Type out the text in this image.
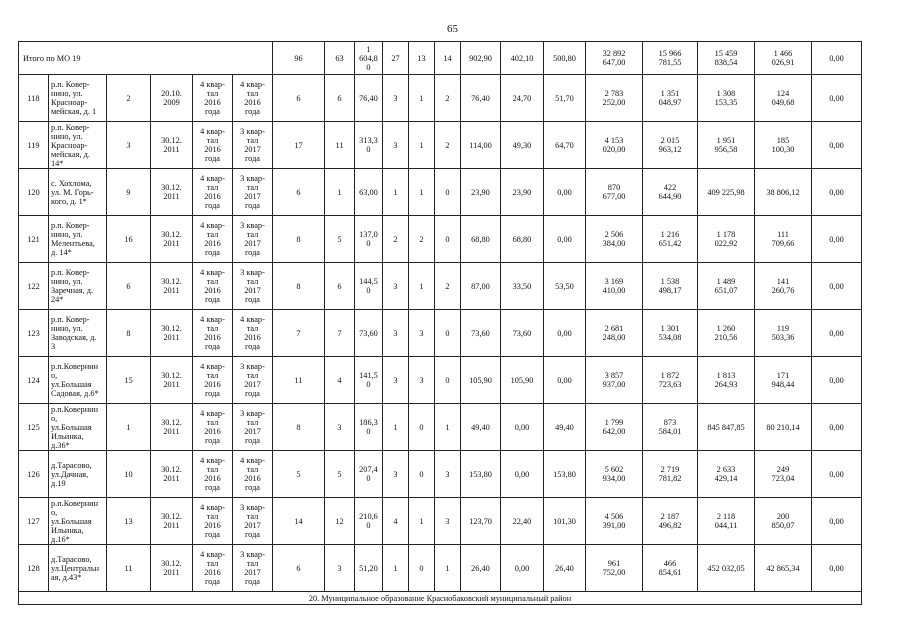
65
Итого по МО 19						96	63	1
604,8
0	27	13	14	902,90	402,10	500,80	32 892
647,00	15 966
781,55	15 459
838,54	1 466
026,91	0,00
118	р.п. Ковер-
нино, ул.
Краснoар-
мейская, д. 1	2	20.10.
2009	4 квар-
тал
2016
года	4 квар-
тал
2016
года	6	6	76,40	3	1	2	76,40	24,70	51,70	2 783
252,00	1 351
048,97	1 308
153,35	124
049,68	0,00
119	р.п. Ковер-
нино, ул.
Краснoар-
мейская, д.
14*	3	30.12.
2011	4 квар-
тал
2016
года	3 квар-
тал
2017
года	17	11	313,3
0	3	1	2	114,00	49,30	64,70	4 153
020,00	2 015
963,12	1 951
956,58	185
100,30	0,00
120	с. Хохлома,
ул. М. Горь-
кого, д. 1*	9	30.12.
2011	4 квар-
тал
2016
года	3 квар-
тал
2017
года	6	1	63,00	1	1	0	23,90	23,90	0,00	870
677,00	422
644,90	409 225,98	38 806,12	0,00
121	р.п. Ковер-
нино, ул.
Мелентьева,
д. 14*	16	30.12.
2011	4 квар-
тал
2016
года	3 квар-
тал
2017
года	8	5	137,0
0	2	2	0	68,80	68,80	0,00	2 506
384,00	1 216
651,42	1 178
022,92	111
709,66	0,00
122	р.п. Ковер-
нино, ул.
Заречная, д.
24*	6	30.12.
2011	4 квар-
тал
2016
года	3 квар-
тал
2017
года	8	6	144,5
0	3	1	2	87,00	33,50	53,50	3 169
410,00	1 538
498,17	1 489
651,07	141
260,76	0,00
123	р.п. Ковер-
нино, ул.
Заводская, д.
3	8	30.12.
2011	4 квар-
тал
2016
года	4 квар-
тал
2016
года	7	7	73,60	3	3	0	73,60	73,60	0,00	2 681
248,00	1 301
534,08	1 260
210,56	119
503,36	0,00
124	р.п.Ковернин
о,
ул.Большая
Садовая, д.6*	15	30.12.
2011	4 квар-
тал
2016
года	3 квар-
тал
2017
года	11	4	141,5
0	3	3	0	105,90	105,90	0,00	3 857
937,00	1 872
723,63	1 813
264,93	171
948,44	0,00
125	р.п.Ковернин
о,
ул.Большая
Ильинка,
д.36*	1	30.12.
2011	4 квар-
тал
2016
года	3 квар-
тал
2017
года	8	3	186,3
0	1	0	1	49,40	0,00	49,40	1 799
642,00	873
584,01	845 847,85	80 210,14	0,00
126	д.Тарасово,
ул.Дачная,
д.19	10	30.12.
2011	4 квар-
тал
2016
года	4 квар-
тал
2016
года	5	5	207,4
0	3	0	3	153,80	0,00	153,80	5 602
934,00	2 719
781,82	2 633
429,14	249
723,04	0,00
127	р.п.Ковернин
о,
ул.Большая
Ильинка,
д.16*	13	30.12.
2011	4 квар-
тал
2016
года	3 квар-
тал
2017
года	14	12	210,6
0	4	1	3	123,70	22,40	101,30	4 506
391,00	2 187
496,82	2 118
044,11	200
850,07	0,00
128	д.Тарасово,
ул.Центральн
ая, д.43*	11	30.12.
2011	4 квар-
тал
2016
года	3 квар-
тал
2017
года	6	3	51,20	1	0	1	26,40	0,00	26,40	961
752,00	466
854,61	452 032,05	42 865,34	0,00
20. Муниципальное образование Краснобаковский муниципальный район																			
